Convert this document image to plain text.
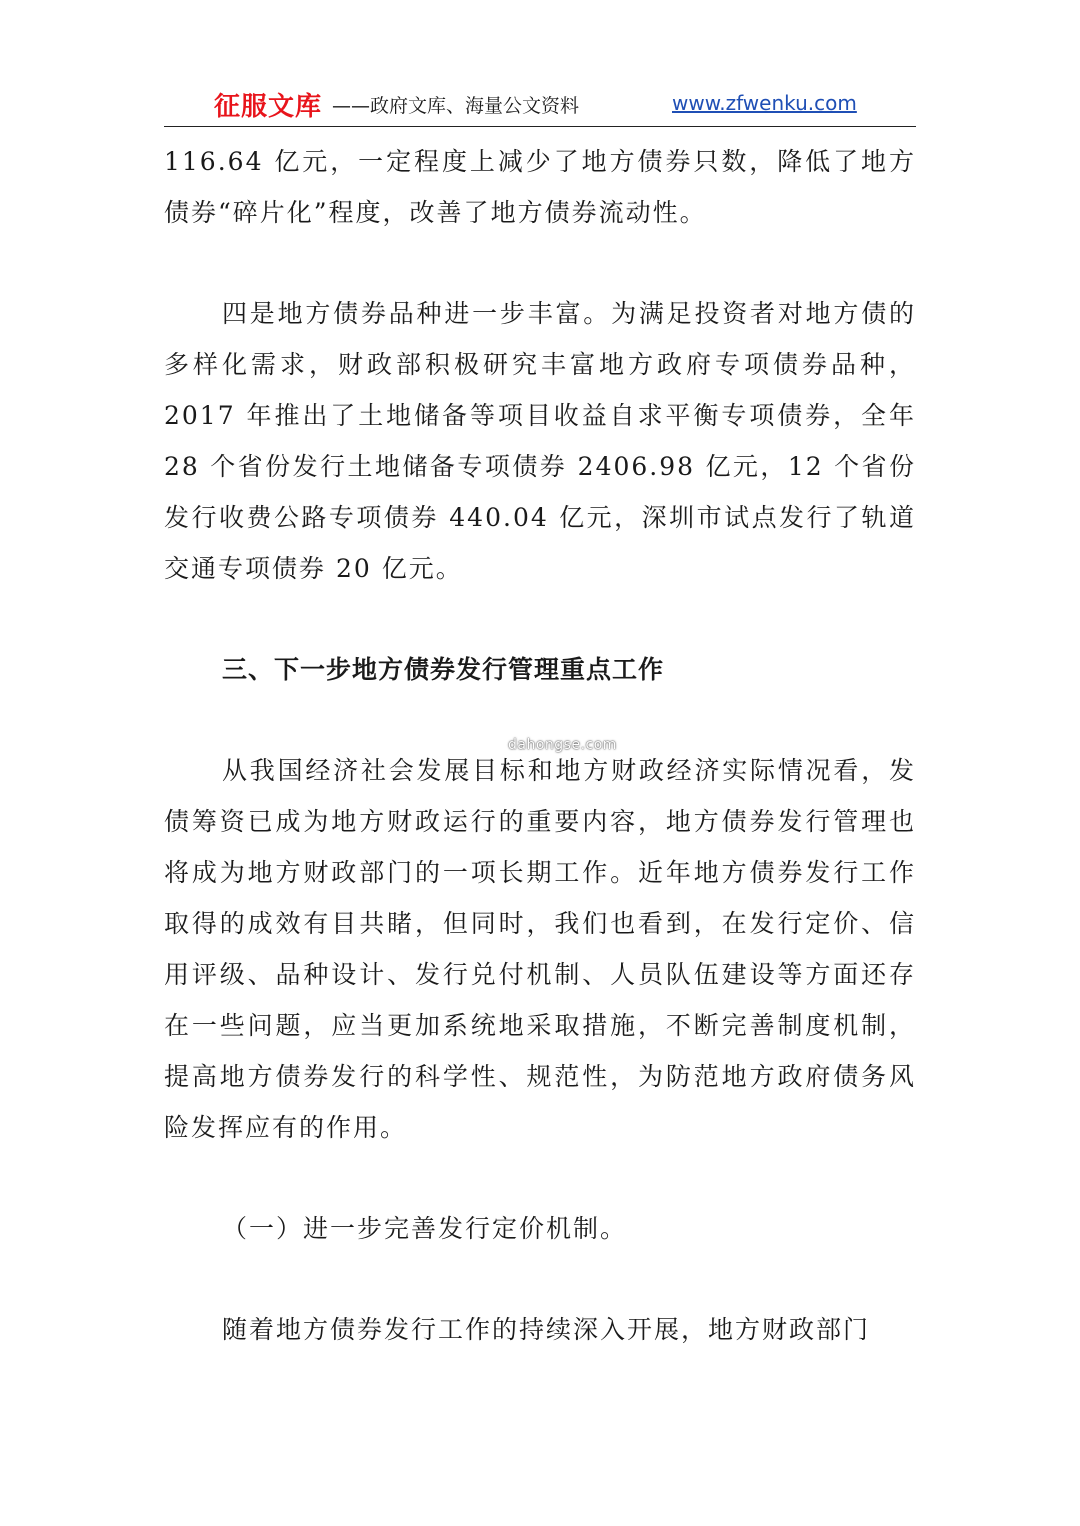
征服文库 ——政府文库、海量公文资料	www.zfwenku.com

116.64 亿元，一定程度上减少了地方债券只数，降低了地方债券“碎片化”程度，改善了地方债券流动性。

四是地方债券品种进一步丰富。为满足投资者对地方债的多样化需求，财政部积极研究丰富地方政府专项债券品种，2017 年推出了土地储备等项目收益自求平衡专项债券，全年 28 个省份发行土地储备专项债券 2406.98 亿元，12 个省份发行收费公路专项债券 440.04 亿元，深圳市试点发行了轨道交通专项债券 20 亿元。

三、下一步地方债券发行管理重点工作

从我国经济社会发展目标和地方财政经济实际情况看，发债筹资已成为地方财政运行的重要内容，地方债券发行管理也将成为地方财政部门的一项长期工作。近年地方债券发行工作取得的成效有目共睹，但同时，我们也看到，在发行定价、信用评级、品种设计、发行兑付机制、人员队伍建设等方面还存在一些问题，应当更加系统地采取措施，不断完善制度机制，提高地方债券发行的科学性、规范性，为防范地方政府债务风险发挥应有的作用。

（一）进一步完善发行定价机制。

随着地方债券发行工作的持续深入开展，地方财政部门

dahongse.com
